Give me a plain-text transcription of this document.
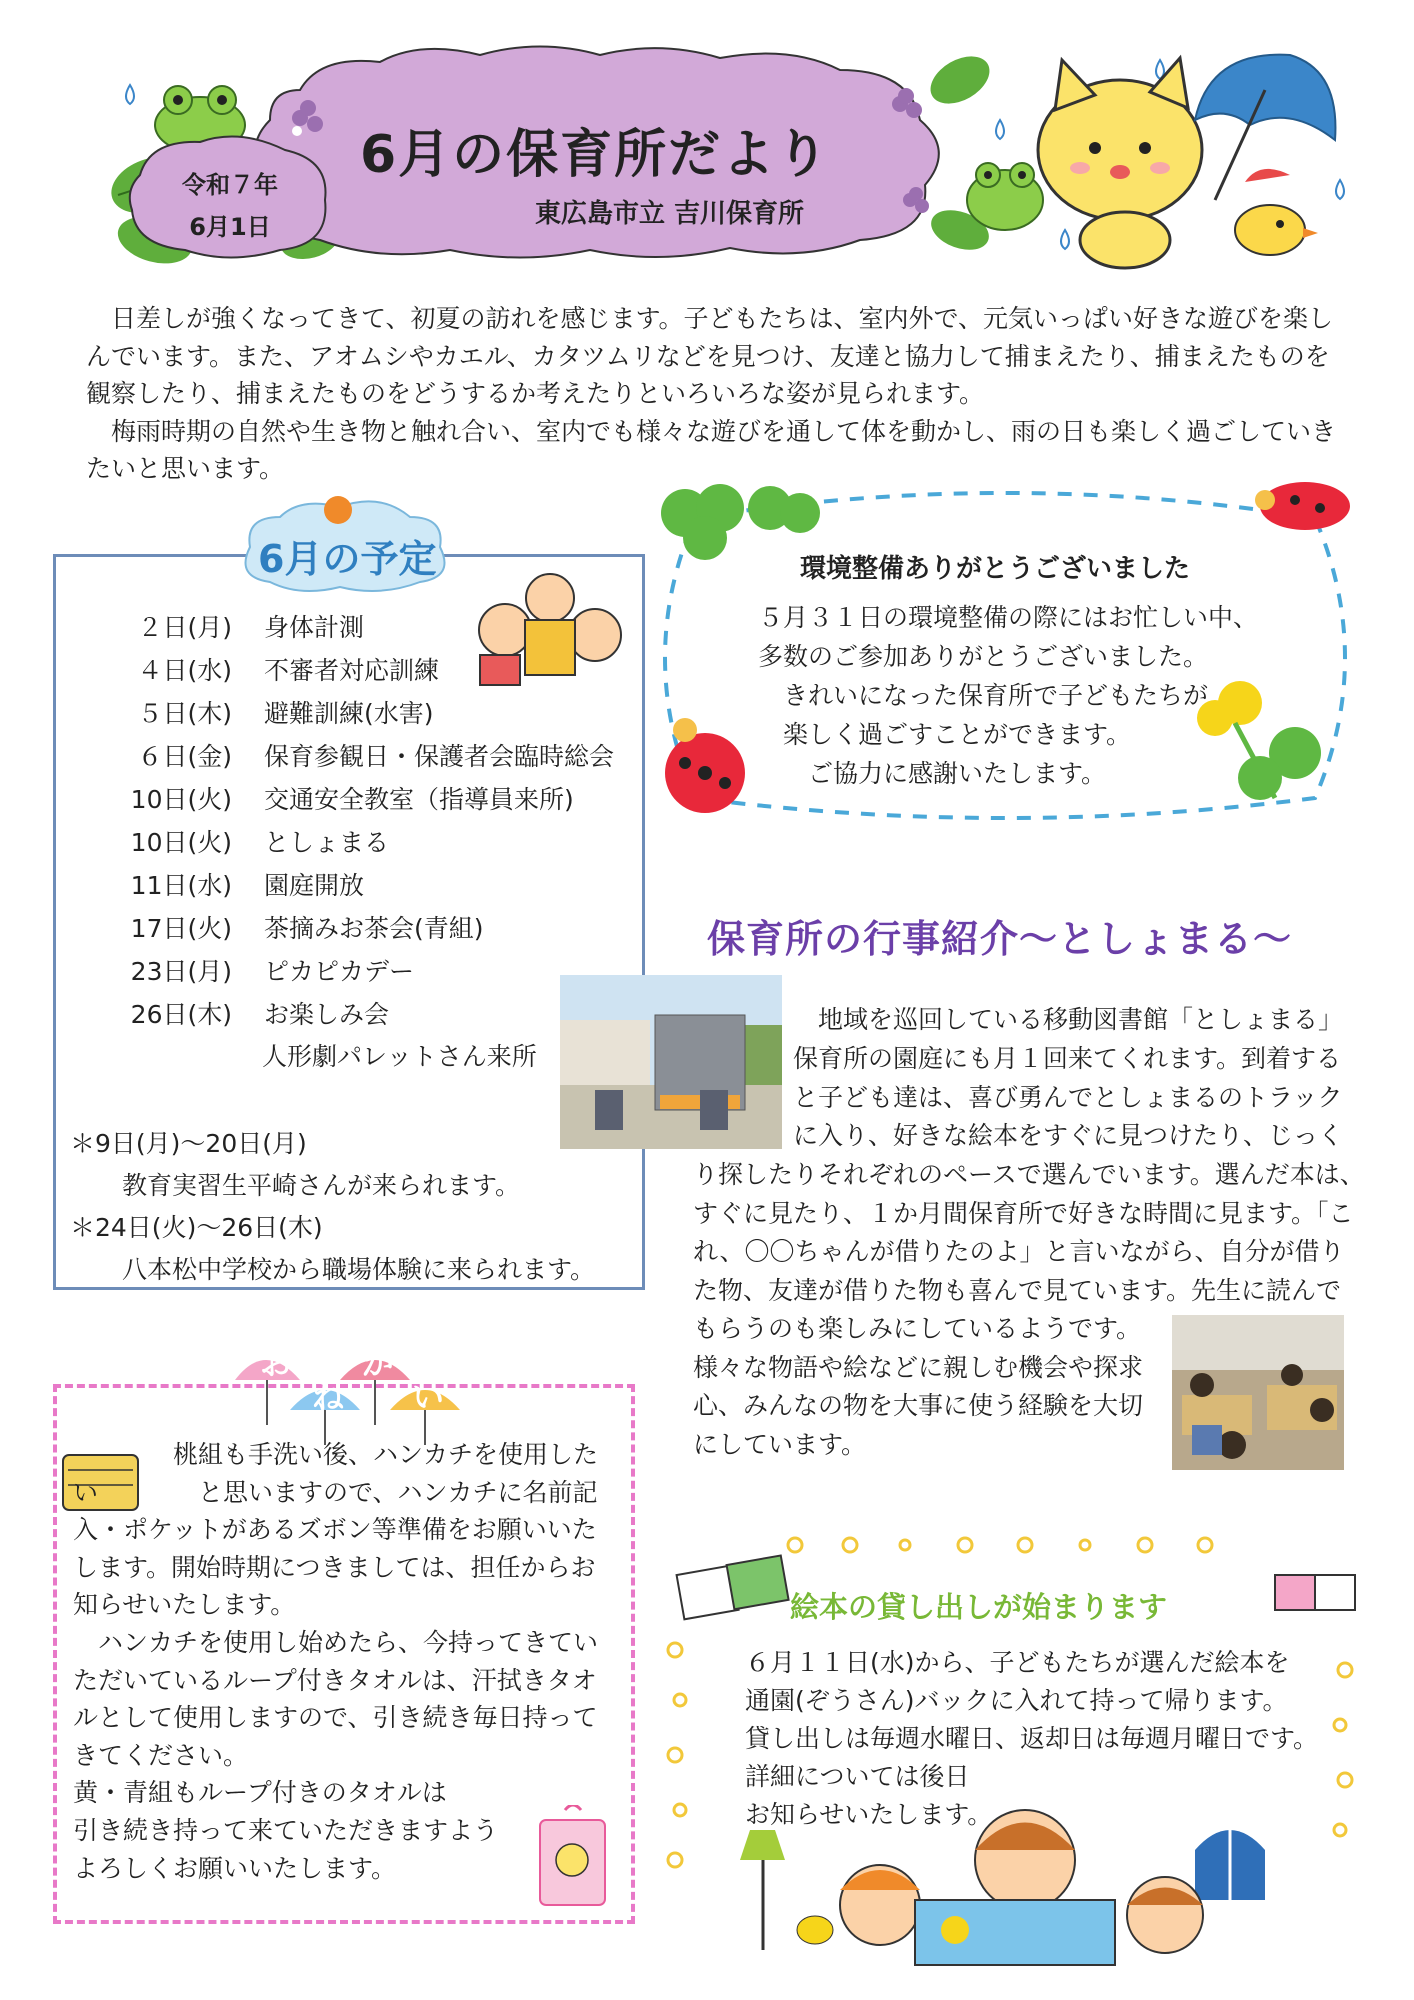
6月の保育所だより
東広島市立 吉川保育所
令和７年
6月1日

　日差しが強くなってきて、初夏の訪れを感じます。子どもたちは、室内外で、元気いっぱい好きな遊びを楽しんでいます。また、アオムシやカエル、カタツムリなどを見つけ、友達と協力して捕まえたり、捕まえたものを観察したり、捕まえたものをどうするか考えたりといろいろな姿が見られます。

　梅雨時期の自然や生き物と触れ合い、室内でも様々な遊びを通して体を動かし、雨の日も楽しく過ごしていきたいと思います。

6月の予定
２日(月) 身体計測
４日(水) 不審者対応訓練
５日(木) 避難訓練(水害)
６日(金) 保育参観日・保護者会臨時総会
10日(火) 交通安全教室（指導員来所)
10日(火) としょまる
11日(水) 園庭開放
17日(火) 茶摘みお茶会(青組)
23日(月) ピカピカデー
26日(木) お楽しみ会
人形劇パレットさん来所
＊9日(月)～20日(月)
教育実習生平崎さんが来られます。
＊24日(火)～26日(木)
八本松中学校から職場体験に来られます。
環境整備ありがとうございました
５月３１日の環境整備の際にはお忙しい中、
多数のご参加ありがとうございました。
きれいになった保育所で子どもたちが
楽しく過ごすことができます。
ご協力に感謝いたします。
保育所の行事紹介～としょまる～
地域を巡回している移動図書館「としょまる」
保育所の園庭にも月１回来てくれます。到着する
と子ども達は、喜び勇んでとしょまるのトラック
に入り、好きな絵本をすぐに見つけたり、じっく
り探したりそれぞれのペースで選んでいます。選んだ本は、
すぐに見たり、１か月間保育所で好きな時間に見ます。「こ
れ、〇〇ちゃんが借りたのよ」と言いながら、自分が借り
た物、友達が借りた物も喜んで見ています。先生に読んで
もらうのも楽しみにしているようです。
様々な物語や絵などに親しむ機会や探求
心、みんなの物を大事に使う経験を大切
にしています。
お
ね
が
い

　　　　桃組も手洗い後、ハンカチを使用したい　　　　と思いますので、ハンカチに名前記入・ポケットがあるズボン等準備をお願いいたします。開始時期につきましては、担任からお知らせいたします。

　ハンカチを使用し始めたら、今持ってきていただいているループ付きタオルは、汗拭きタオルとして使用しますので、引き続き毎日持ってきてください。

黄・青組もループ付きのタオルは

引き続き持って来ていただきますよう

よろしくお願いいたします。

絵本の貸し出しが始まります
６月１１日(水)から、子どもたちが選んだ絵本を
通園(ぞうさん)バックに入れて持って帰ります。
貸し出しは毎週水曜日、返却日は毎週月曜日です。
詳細については後日
お知らせいたします。
